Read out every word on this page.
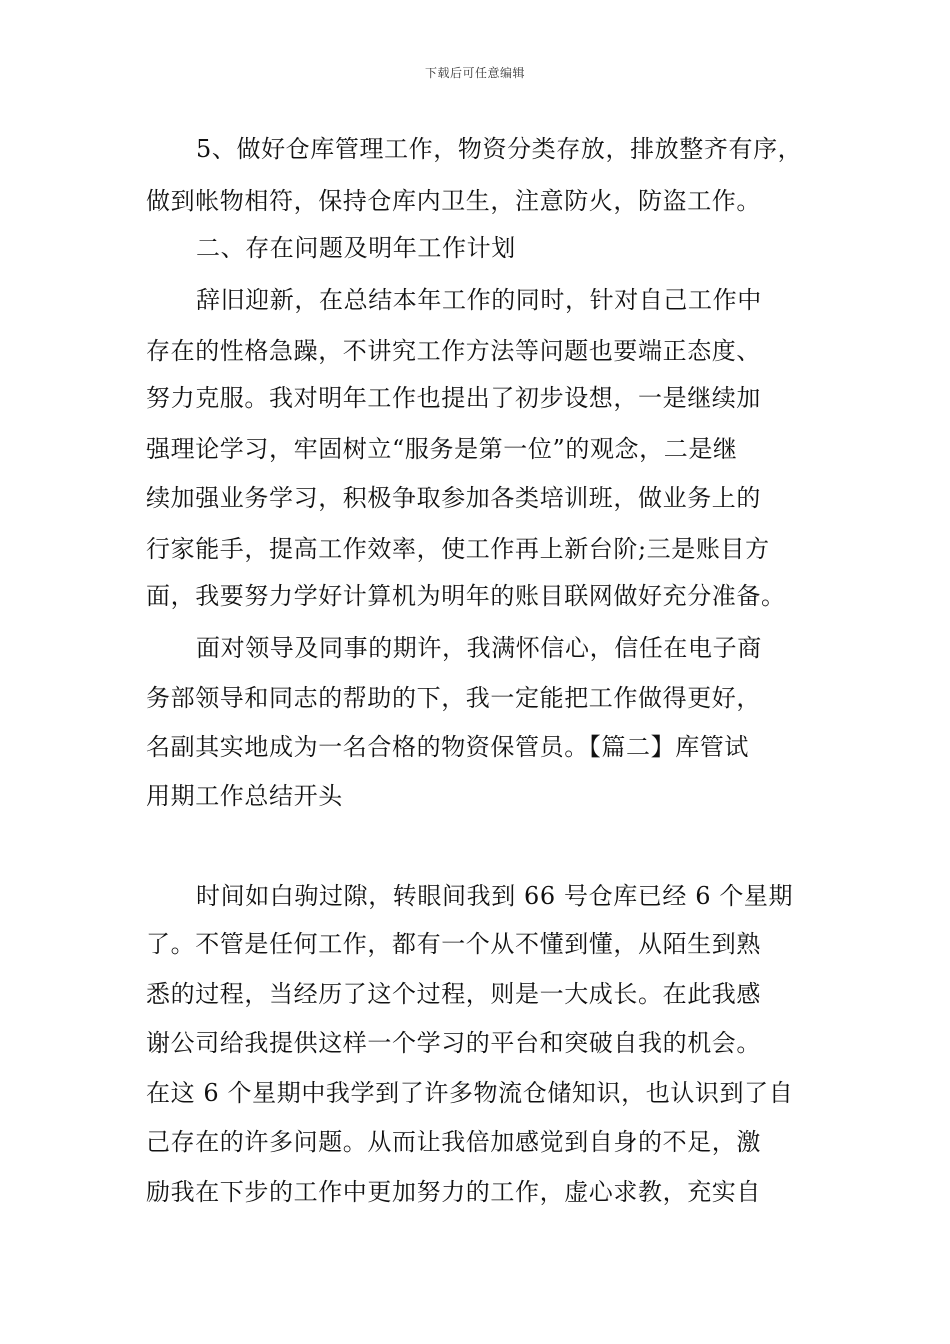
下载后可任意编辑
5、做好仓库管理工作，物资分类存放，排放整齐有序，
做到帐物相符，保持仓库内卫生，注意防火，防盗工作。
二、存在问题及明年工作计划
辞旧迎新，在总结本年工作的同时，针对自己工作中
存在的性格急躁，不讲究工作方法等问题也要端正态度、
努力克服。我对明年工作也提出了初步设想，一是继续加
强理论学习，牢固树立“服务是第一位”的观念，二是继
续加强业务学习，积极争取参加各类培训班，做业务上的
行家能手，提高工作效率，使工作再上新台阶;三是账目方
面，我要努力学好计算机为明年的账目联网做好充分准备。
面对领导及同事的期许，我满怀信心，信任在电子商
务部领导和同志的帮助的下，我一定能把工作做得更好，
名副其实地成为一名合格的物资保管员。【篇二】库管试
用期工作总结开头
时间如白驹过隙，转眼间我到 66 号仓库已经 6 个星期
了。不管是任何工作，都有一个从不懂到懂，从陌生到熟
悉的过程，当经历了这个过程，则是一大成长。在此我感
谢公司给我提供这样一个学习的平台和突破自我的机会。
在这 6 个星期中我学到了许多物流仓储知识，也认识到了自
己存在的许多问题。从而让我倍加感觉到自身的不足，激
励我在下步的工作中更加努力的工作，虚心求教，充实自
